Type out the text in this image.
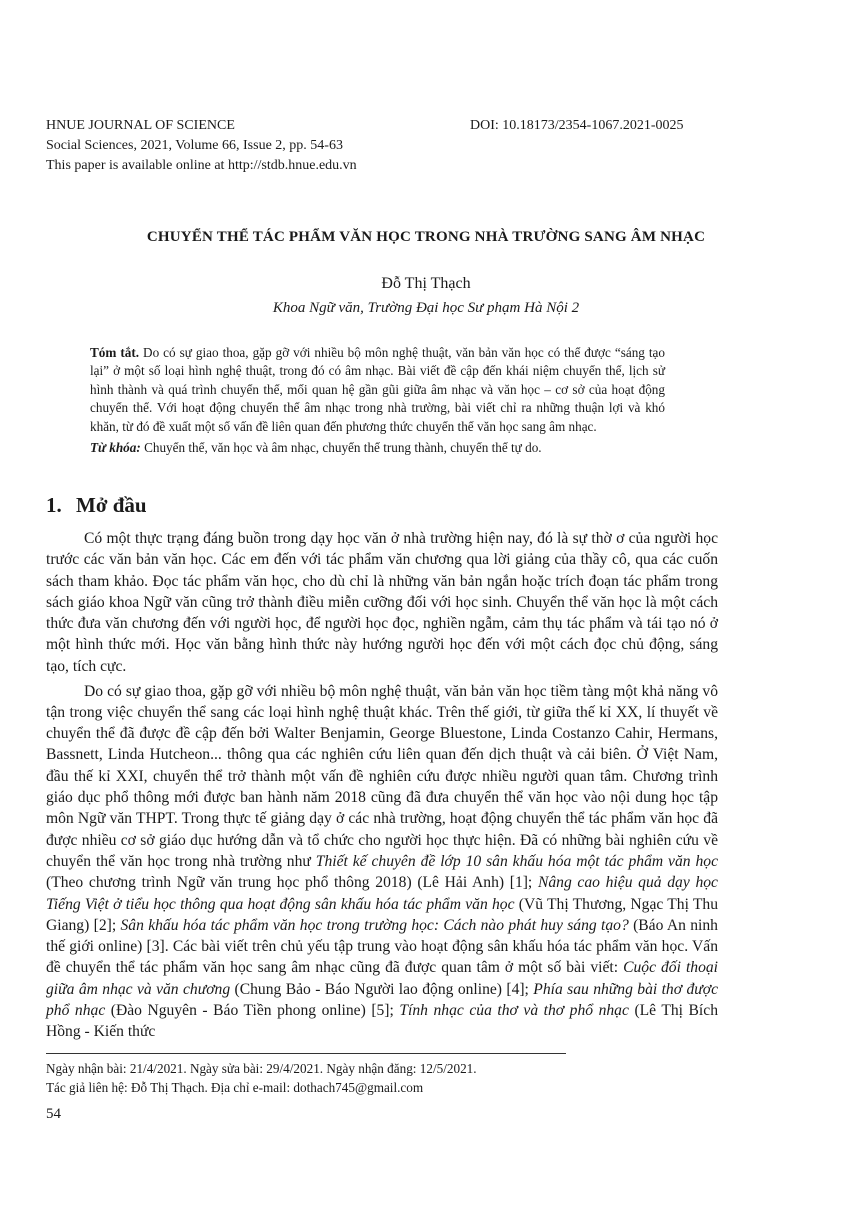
HNUE JOURNAL OF SCIENCE	DOI: 10.18173/2354-1067.2021-0025
Social Sciences, 2021, Volume 66, Issue 2, pp. 54-63
This paper is available online at http://stdb.hnue.edu.vn
CHUYỂN THỂ TÁC PHẨM VĂN HỌC TRONG NHÀ TRƯỜNG SANG ÂM NHẠC
Đỗ Thị Thạch
Khoa Ngữ văn, Trường Đại học Sư phạm Hà Nội 2

Tóm tắt. Do có sự giao thoa, gặp gỡ với nhiều bộ môn nghệ thuật, văn bản văn học có thể được “sáng tạo lại” ở một số loại hình nghệ thuật, trong đó có âm nhạc. Bài viết đề cập đến khái niệm chuyển thể, lịch sử hình thành và quá trình chuyển thể, mối quan hệ gần gũi giữa âm nhạc và văn học – cơ sở của hoạt động chuyển thể. Với hoạt động chuyển thể âm nhạc trong nhà trường, bài viết chỉ ra những thuận lợi và khó khăn, từ đó đề xuất một số vấn đề liên quan đến phương thức chuyển thể văn học sang âm nhạc.

Từ khóa: Chuyển thể, văn học và âm nhạc, chuyển thể trung thành, chuyển thể tự do.

1. Mở đầu

Có một thực trạng đáng buồn trong dạy học văn ở nhà trường hiện nay, đó là sự thờ ơ của người học trước các văn bản văn học. Các em đến với tác phẩm văn chương qua lời giảng của thầy cô, qua các cuốn sách tham khảo. Đọc tác phẩm văn học, cho dù chỉ là những văn bản ngắn hoặc trích đoạn tác phẩm trong sách giáo khoa Ngữ văn cũng trở thành điều miễn cưỡng đối với học sinh. Chuyển thể văn học là một cách thức đưa văn chương đến với người học, để người học đọc, nghiền ngẫm, cảm thụ tác phẩm và tái tạo nó ở một hình thức mới. Học văn bằng hình thức này hướng người học đến với một cách đọc chủ động, sáng tạo, tích cực.

Do có sự giao thoa, gặp gỡ với nhiều bộ môn nghệ thuật, văn bản văn học tiềm tàng một khả năng vô tận trong việc chuyển thể sang các loại hình nghệ thuật khác. Trên thế giới, từ giữa thế kỉ XX, lí thuyết về chuyển thể đã được đề cập đến bởi Walter Benjamin, George Bluestone, Linda Costanzo Cahir, Hermans, Bassnett, Linda Hutcheon... thông qua các nghiên cứu liên quan đến dịch thuật và cải biên. Ở Việt Nam, đầu thế kỉ XXI, chuyển thể trở thành một vấn đề nghiên cứu được nhiều người quan tâm. Chương trình giáo dục phổ thông mới được ban hành năm 2018 cũng đã đưa chuyển thể văn học vào nội dung học tập môn Ngữ văn THPT. Trong thực tế giảng dạy ở các nhà trường, hoạt động chuyển thể tác phẩm văn học đã được nhiều cơ sở giáo dục hướng dẫn và tổ chức cho người học thực hiện. Đã có những bài nghiên cứu về chuyển thể văn học trong nhà trường như Thiết kế chuyên đề lớp 10 sân khấu hóa một tác phẩm văn học (Theo chương trình Ngữ văn trung học phổ thông 2018) (Lê Hải Anh) [1]; Nâng cao hiệu quả dạy học Tiếng Việt ở tiểu học thông qua hoạt động sân khấu hóa tác phẩm văn học (Vũ Thị Thương, Ngạc Thị Thu Giang) [2]; Sân khấu hóa tác phẩm văn học trong trường học: Cách nào phát huy sáng tạo? (Báo An ninh thế giới online) [3]. Các bài viết trên chủ yếu tập trung vào hoạt động sân khấu hóa tác phẩm văn học. Vấn đề chuyển thể tác phẩm văn học sang âm nhạc cũng đã được quan tâm ở một số bài viết: Cuộc đối thoại giữa âm nhạc và văn chương (Chung Bảo - Báo Người lao động online) [4]; Phía sau những bài thơ được phổ nhạc (Đào Nguyên - Báo Tiền phong online) [5]; Tính nhạc của thơ và thơ phổ nhạc (Lê Thị Bích Hồng - Kiến thức

Ngày nhận bài: 21/4/2021. Ngày sửa bài: 29/4/2021. Ngày nhận đăng: 12/5/2021.
Tác giả liên hệ: Đỗ Thị Thạch. Địa chỉ e-mail: dothach745@gmail.com
54
